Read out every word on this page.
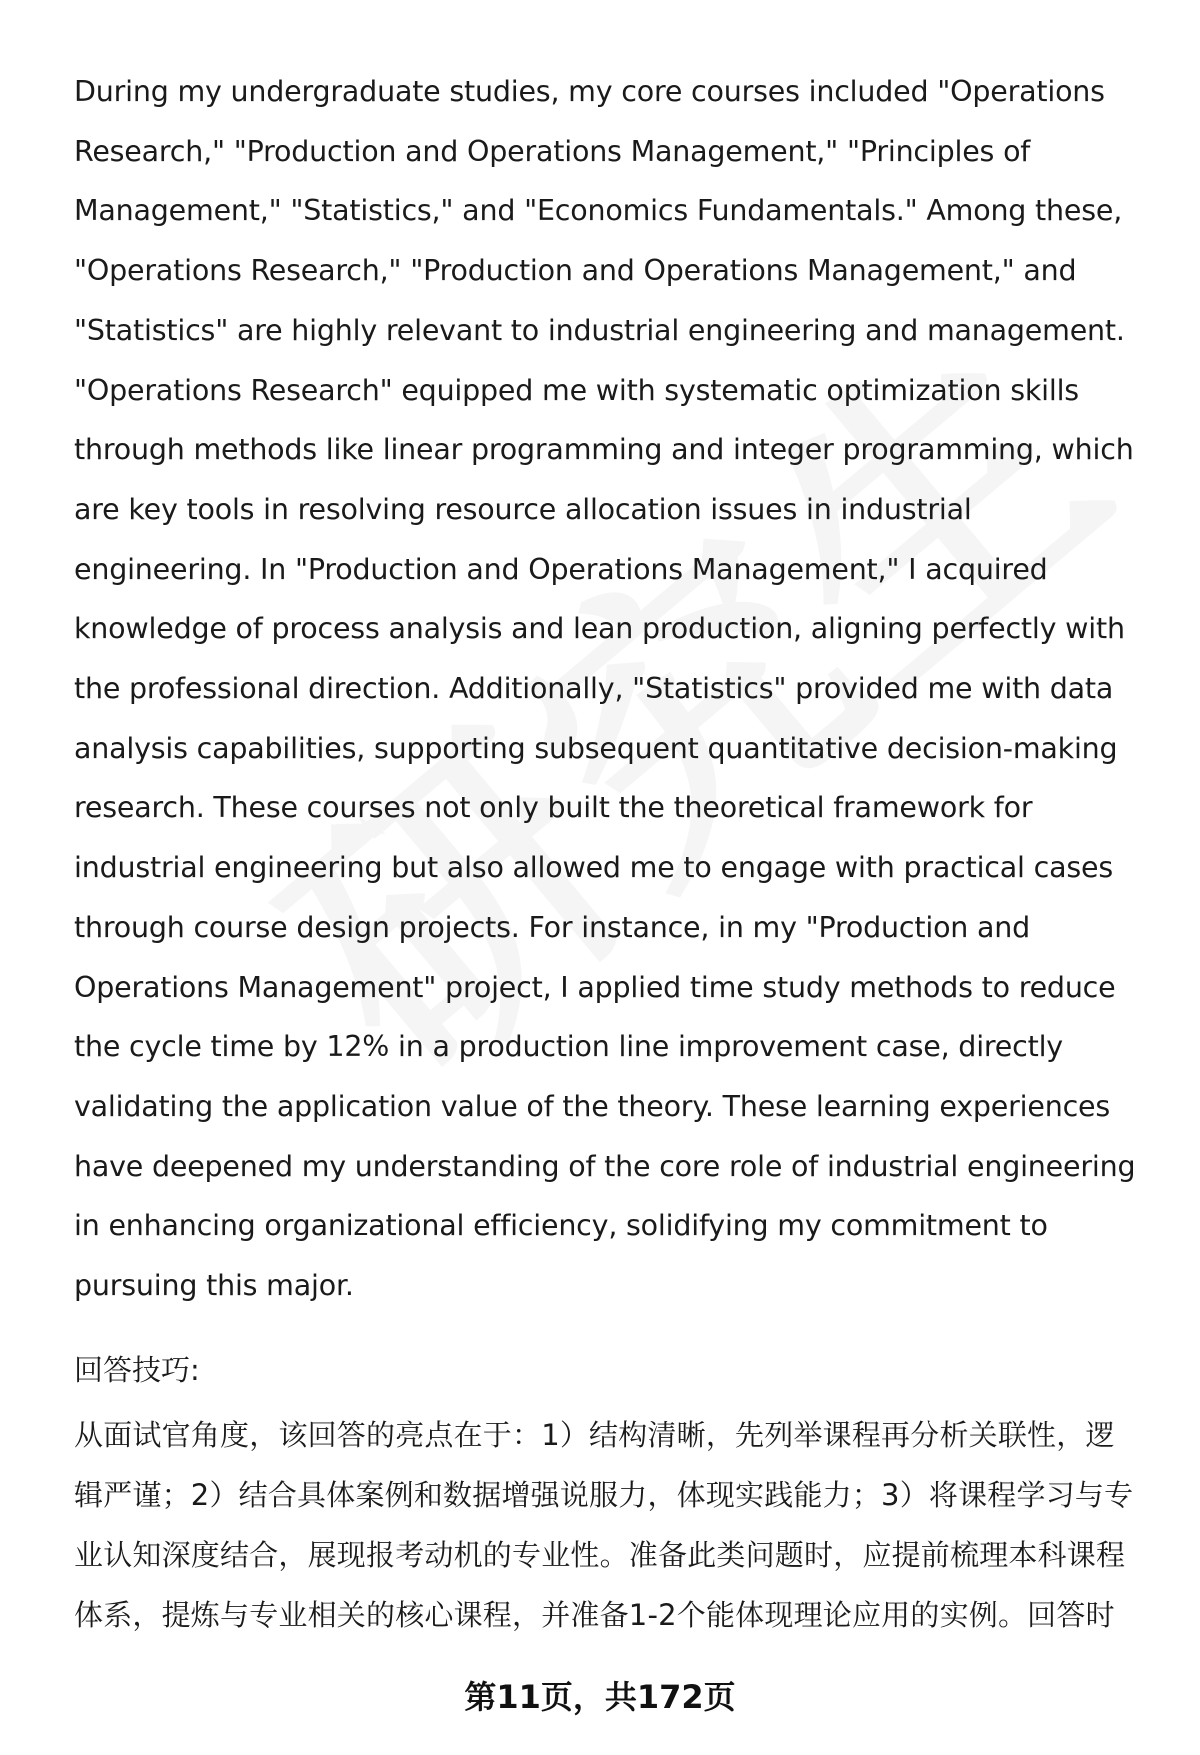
During my undergraduate studies, my core courses included "Operations
Research," "Production and Operations Management," "Principles of
Management," "Statistics," and "Economics Fundamentals." Among these,
"Operations Research," "Production and Operations Management," and
"Statistics" are highly relevant to industrial engineering and management.
"Operations Research" equipped me with systematic optimization skills
through methods like linear programming and integer programming, which
are key tools in resolving resource allocation issues in industrial
engineering. In "Production and Operations Management," I acquired
knowledge of process analysis and lean production, aligning perfectly with
the professional direction. Additionally, "Statistics" provided me with data
analysis capabilities, supporting subsequent quantitative decision-making
research. These courses not only built the theoretical framework for
industrial engineering but also allowed me to engage with practical cases
through course design projects. For instance, in my "Production and
Operations Management" project, I applied time study methods to reduce
the cycle time by 12% in a production line improvement case, directly
validating the application value of the theory. These learning experiences
have deepened my understanding of the core role of industrial engineering
in enhancing organizational efficiency, solidifying my commitment to
pursuing this major.

回答技巧:

从面试官角度，该回答的亮点在于：1）结构清晰，先列举课程再分析关联性，逻
辑严谨；2）结合具体案例和数据增强说服力，体现实践能力；3）将课程学习与专
业认知深度结合，展现报考动机的专业性。准备此类问题时，应提前梳理本科课程
体系，提炼与专业相关的核心课程，并准备1-2个能体现理论应用的实例。回答时

第11页，共172页
